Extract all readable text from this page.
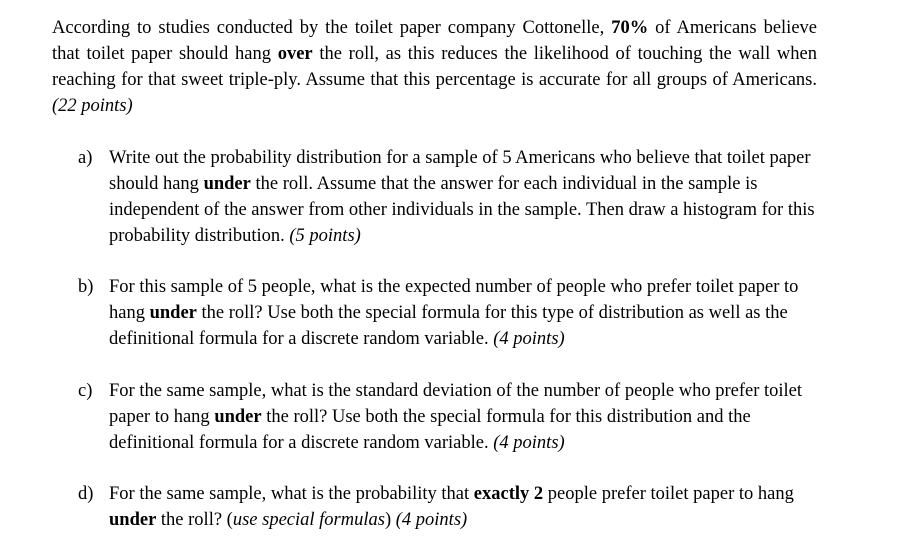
According to studies conducted by the toilet paper company Cottonelle, 70% of Americans believe that toilet paper should hang over the roll, as this reduces the likelihood of touching the wall when reaching for that sweet triple-ply. Assume that this percentage is accurate for all groups of Americans. (22 points)

a) Write out the probability distribution for a sample of 5 Americans who believe that toilet paper should hang under the roll. Assume that the answer for each individual in the sample is independent of the answer from other individuals in the sample. Then draw a histogram for this probability distribution. (5 points)
b) For this sample of 5 people, what is the expected number of people who prefer toilet paper to hang under the roll? Use both the special formula for this type of distribution as well as the definitional formula for a discrete random variable. (4 points)
c) For the same sample, what is the standard deviation of the number of people who prefer toilet paper to hang under the roll? Use both the special formula for this distribution and the definitional formula for a discrete random variable. (4 points)
d) For the same sample, what is the probability that exactly 2 people prefer toilet paper to hang under the roll? (use special formulas) (4 points)
